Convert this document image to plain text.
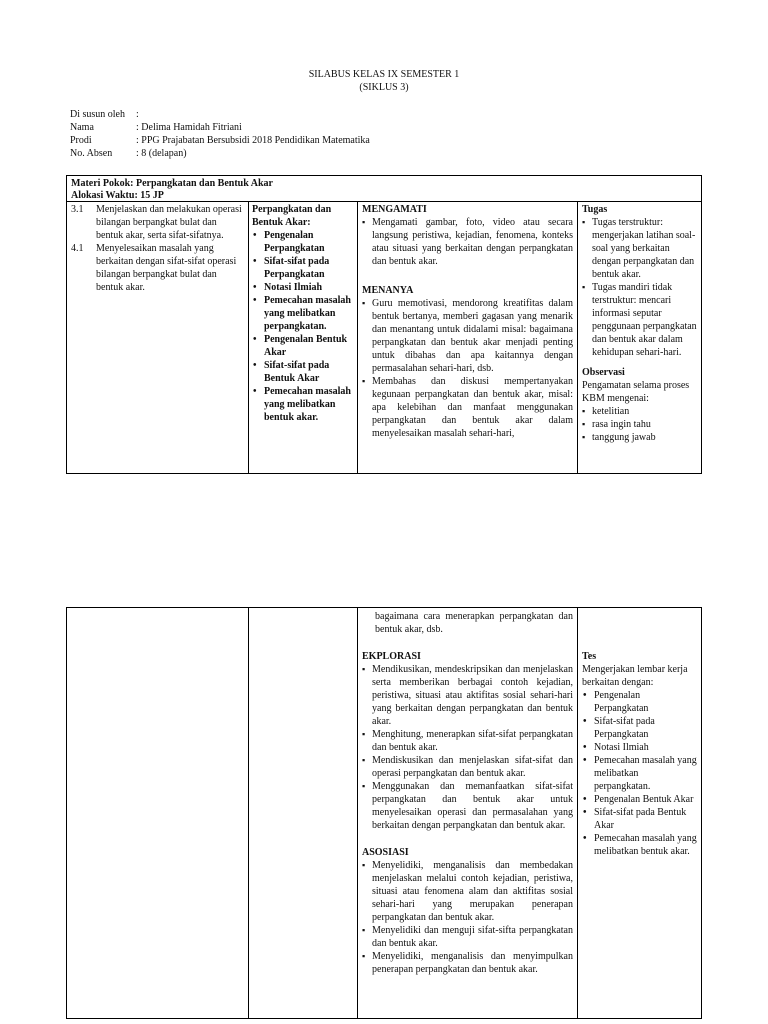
SILABUS KELAS IX SEMESTER 1
(SIKLUS 3)
Di susun oleh :
Nama	: Delima Hamidah Fitriani
Prodi	: PPG Prajabatan Bersubsidi 2018 Pendidikan Matematika
No. Absen : 8 (delapan)
Materi Pokok: Perpangkatan dan Bentuk Akar
Alokasi Waktu: 15 JP
3.1 Menjelaskan dan melakukan operasi bilangan berpangkat bulat dan bentuk akar, serta sifat-sifatnya.
4.1 Menyelesaikan masalah yang berkaitan dengan sifat-sifat operasi bilangan berpangkat bulat dan bentuk akar.
Perpangkatan dan Bentuk Akar:
• Pengenalan Perpangkatan
• Sifat-sifat pada Perpangkatan
• Notasi Ilmiah
• Pemecahan masalah yang melibatkan perpangkatan.
• Pengenalan Bentuk Akar
• Sifat-sifat pada Bentuk Akar
• Pemecahan masalah yang melibatkan bentuk akar.
MENGAMATI
▪ Mengamati gambar, foto, video atau secara langsung peristiwa, kejadian, fenomena, konteks atau situasi yang berkaitan dengan perpangkatan dan bentuk akar.
MENANYA
▪ Guru memotivasi, mendorong kreatifitas dalam bentuk bertanya, memberi gagasan yang menarik dan menantang untuk didalami misal: bagaimana perpangkatan dan bentuk akar menjadi penting untuk dibahas dan apa kaitannya dengan permasalahan sehari-hari, dsb.
▪ Membahas dan diskusi mempertanyakan kegunaan perpangkatan dan bentuk akar, misal: apa kelebihan dan manfaat menggunakan perpangkatan dan bentuk akar dalam menyelesaikan masalah sehari-hari,
Tugas
▪ Tugas terstruktur: mengerjakan latihan soal-soal yang berkaitan dengan perpangkatan dan bentuk akar.
▪ Tugas mandiri tidak terstruktur: mencari informasi seputar penggunaan perpangkatan dan bentuk akar dalam kehidupan sehari-hari.
Observasi
Pengamatan selama proses KBM mengenai:
▪ ketelitian
▪ rasa ingin tahu
▪ tanggung jawab
bagaimana cara menerapkan perpangkatan dan bentuk akar, dsb.
EKPLORASI
▪ Mendikusikan, mendeskripsikan dan menjelaskan serta memberikan berbagai contoh kejadian, peristiwa, situasi atau aktifitas sosial sehari-hari yang berkaitan dengan perpangkatan dan bentuk akar.
▪ Menghitung, menerapkan sifat-sifat perpangkatan dan bentuk akar.
▪ Mendiskusikan dan menjelaskan sifat-sifat dan operasi perpangkatan dan bentuk akar.
▪ Menggunakan dan memanfaatkan sifat-sifat perpangkatan dan bentuk akar untuk menyelesaikan operasi dan permasalahan yang berkaitan dengan perpangkatan dan bentuk akar.
ASOSIASI
▪ Menyelidiki, menganalisis dan membedakan menjelaskan melalui contoh kejadian, peristiwa, situasi atau fenomena alam dan aktifitas sosial sehari-hari yang merupakan penerapan perpangkatan dan bentuk akar.
▪ Menyelidiki dan menguji sifat-sifta perpangkatan dan bentuk akar.
▪ Menyelidiki, menganalisis dan menyimpulkan penerapan perpangkatan dan bentuk akar.
Tes
Mengerjakan lembar kerja berkaitan dengan:
• Pengenalan Perpangkatan
• Sifat-sifat pada Perpangkatan
• Notasi Ilmiah
• Pemecahan masalah yang melibatkan perpangkatan.
• Pengenalan Bentuk Akar
• Sifat-sifat pada Bentuk Akar
• Pemecahan masalah yang melibatkan bentuk akar.
